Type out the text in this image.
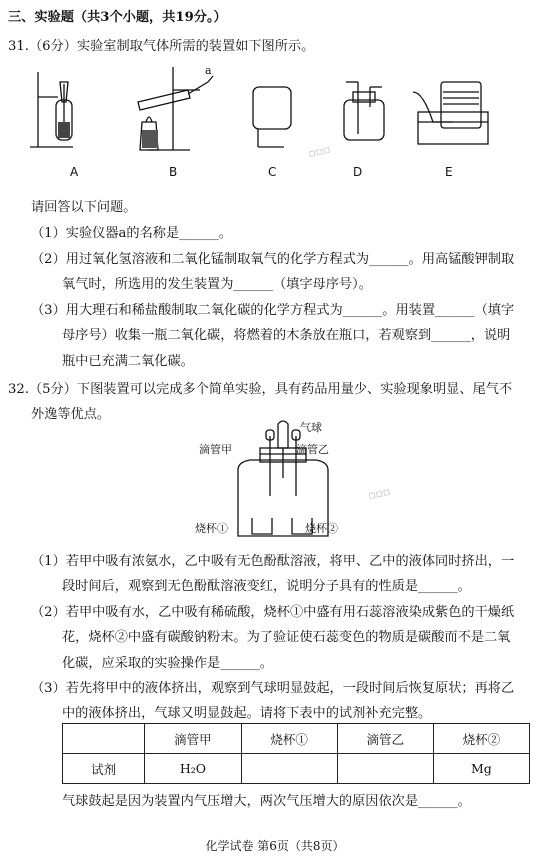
三、实验题（共3个小题，共19分。）
31.（6分）实验室制取气体所需的装置如下图所示。
a
A	B	C	D	E
▫▫▫
请回答以下问题。
（1）实验仪器a的名称是______。
（2）用过氧化氢溶液和二氧化锰制取氧气的化学方程式为______。用高锰酸钾制取
氧气时，所选用的发生装置为______（填字母序号）。
（3）用大理石和稀盐酸制取二氧化碳的化学方程式为______。用装置______（填字
母序号）收集一瓶二氧化碳，将燃着的木条放在瓶口，若观察到______，说明
瓶中已充满二氧化碳。
32.（5分）下图装置可以完成多个简单实验，具有药品用量少、实验现象明显、尾气不
外逸等优点。
气球
滴管甲	滴管乙
烧杯①	烧杯②
▫▫▫
（1）若甲中吸有浓氨水，乙中吸有无色酚酞溶液，将甲、乙中的液体同时挤出，一
段时间后，观察到无色酚酞溶液变红，说明分子具有的性质是______。
（2）若甲中吸有水，乙中吸有稀硫酸，烧杯①中盛有用石蕊溶液染成紫色的干燥纸
花，烧杯②中盛有碳酸钠粉末。为了验证使石蕊变色的物质是碳酸而不是二氧
化碳，应采取的实验操作是______。
（3）若先将甲中的液体挤出，观察到气球明显鼓起，一段时间后恢复原状；再将乙
中的液体挤出，气球又明显鼓起。请将下表中的试剂补充完整。
	滴管甲	烧杯①	滴管乙	烧杯②
试剂	H₂O			Mg
气球鼓起是因为装置内气压增大，两次气压增大的原因依次是______。
化学试卷 第6页（共8页）
